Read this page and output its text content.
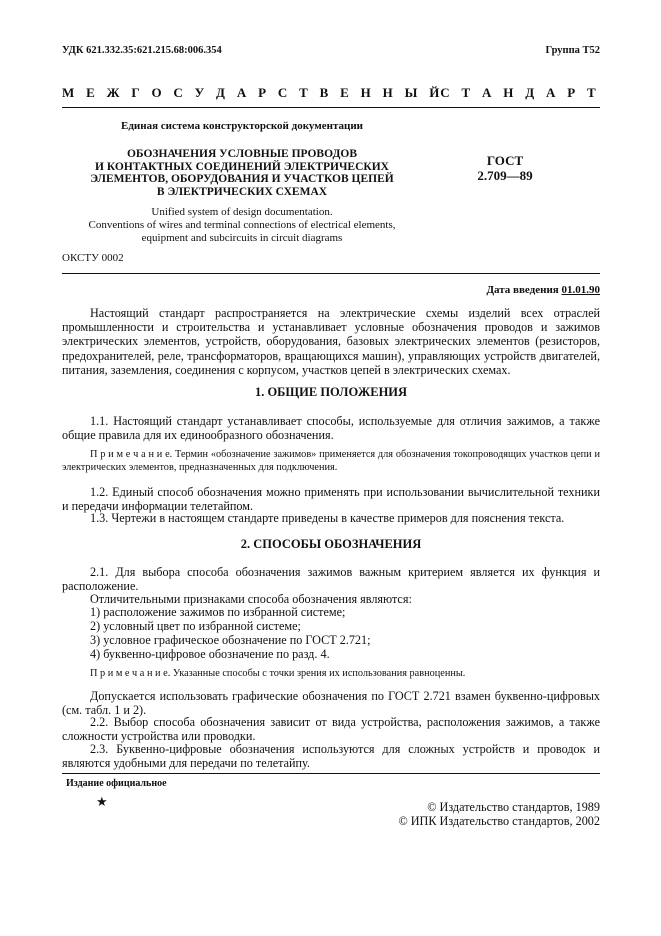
УДК 621.332.35:621.215.68:006.354	Группа Т52
М Е Ж Г О С У Д А Р С Т В Е Н Н Ы Й
С Т А Н Д А Р Т
Единая система конструкторской документации
ОБОЗНАЧЕНИЯ УСЛОВНЫЕ ПРОВОДОВ
И КОНТАКТНЫХ СОЕДИНЕНИЙ ЭЛЕКТРИЧЕСКИХ
ЭЛЕМЕНТОВ, ОБОРУДОВАНИЯ И УЧАСТКОВ ЦЕПЕЙ
В ЭЛЕКТРИЧЕСКИХ СХЕМАХ
ГОСТ
2.709—89
Unified system of design documentation.
Conventions of wires and terminal connections of electrical elements,
equipment and subcircuits in circuit diagrams
ОКСТУ 0002
Дата введения 01.01.90
Настоящий стандарт распространяется на электрические схемы изделий всех отраслей промышленности и строительства и устанавливает условные обозначения проводов и зажимов электрических элементов, устройств, оборудования, базовых электрических элементов (резисторов, предохранителей, реле, трансформаторов, вращающихся машин), управляющих устройств двигателей, питания, заземления, соединения с корпусом, участков цепей в электрических схемах.
1. ОБЩИЕ ПОЛОЖЕНИЯ
1.1. Настоящий стандарт устанавливает способы, используемые для отличия зажимов, а также общие правила для их единообразного обозначения.
П р и м е ч а н и е. Термин «обозначение зажимов» применяется для обозначения токопроводящих участков цепи и электрических элементов, предназначенных для подключения.
1.2. Единый способ обозначения можно применять при использовании вычислительной техники и передачи информации телетайпом.
1.3. Чертежи в настоящем стандарте приведены в качестве примеров для пояснения текста.
2. СПОСОБЫ ОБОЗНАЧЕНИЯ
2.1. Для выбора способа обозначения зажимов важным критерием является их функция и расположение.
Отличительными признаками способа обозначения являются:
1) расположение зажимов по избранной системе;
2) условный цвет по избранной системе;
3) условное графическое обозначение по ГОСТ 2.721;
4) буквенно-цифровое обозначение по разд. 4.
П р и м е ч а н и е. Указанные способы с точки зрения их использования равноценны.
Допускается использовать графические обозначения по ГОСТ 2.721 взамен буквенно-цифровых (см. табл. 1 и 2).
2.2. Выбор способа обозначения зависит от вида устройства, расположения зажимов, а также сложности устройства или проводки.
2.3. Буквенно-цифровые обозначения используются для сложных устройств и проводок и являются удобными для передачи по телетайпу.
Издание официальное
★	© Издательство стандартов, 1989
© ИПК Издательство стандартов, 2002
